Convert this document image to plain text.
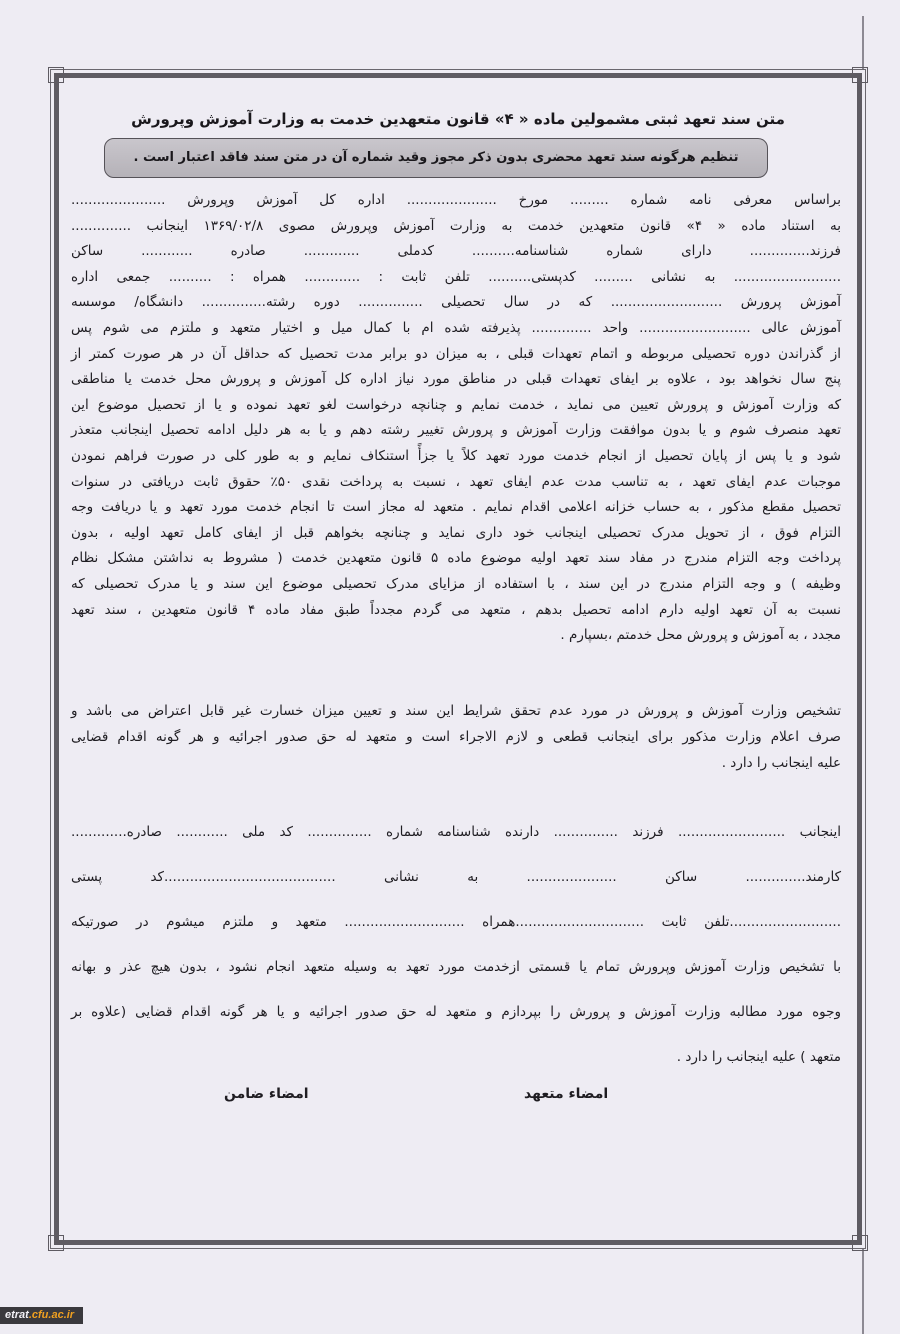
متن سند تعهد ثبتی مشمولین ماده « ۴» قانون متعهدین خدمت به وزارت آموزش وپرورش
تنظیم هرگونه سند تعهد محضری بدون ذکر مجوز وقید شماره آن در متن سند فاقد اعتبار است .

براساس معرفی نامه شماره ......... مورخ ..................... اداره کل آموزش وپرورش ......................

به استناد ماده « ۴» قانون متعهدین خدمت به وزارت آموزش وپرورش مصوی ۱۳۶۹/۰۲/۸ اینجانب ..............

فرزند.............. دارای شماره شناسنامه.......... کدملی ............. صادره ............ ساکن

......................... به نشانی ......... کدپستی.......... تلفن ثابت : ............. همراه : .......... جمعی اداره

آموزش پرورش .......................... که در سال تحصیلی ............... دوره رشته............... دانشگاه/ موسسه

آموزش عالی .......................... واحد .............. پذیرفته شده ام با کمال میل و اختیار متعهد و ملتزم می شوم پس

از گذراندن دوره تحصیلی مربوطه و اتمام تعهدات قبلی ، به میزان دو برابر مدت تحصیل که حداقل آن در هر صورت کمتر از

پنج سال نخواهد بود ، علاوه بر ایفای تعهدات قبلی در مناطق مورد نیاز اداره کل آموزش و پرورش محل خدمت یا مناطقی

که وزارت آموزش و پرورش تعیین می نماید ، خدمت نمایم و چنانچه درخواست لغو تعهد نموده و یا از تحصیل موضوع این

تعهد منصرف شوم و یا بدون موافقت وزارت آموزش و پرورش تغییر رشته دهم و یا به هر دلیل ادامه تحصیل اینجانب متعذر

شود و یا پس از پایان تحصیل از انجام خدمت مورد تعهد کلاً یا جزأً استنکاف نمایم و به طور کلی در صورت فراهم نمودن

موجبات عدم ایفای تعهد ، به تناسب مدت عدم ایفای تعهد ، نسبت به پرداخت نقدی ۵۰٪ حقوق ثابت دریافتی در سنوات

تحصیل مقطع مذکور ، به حساب خزانه اعلامی اقدام نمایم . متعهد له مجاز است تا انجام خدمت مورد تعهد و یا دریافت وجه

التزام فوق ، از تحویل مدرک تحصیلی اینجانب خود داری نماید و چنانچه بخواهم قبل از ایفای کامل تعهد اولیه ، بدون

پرداخت وجه التزام مندرج در مفاد سند تعهد اولیه موضوع ماده ۵ قانون متعهدین خدمت ( مشروط به نداشتن مشکل نظام

وظیفه ) و وجه التزام مندرج در این سند ، با استفاده از مزایای مدرک تحصیلی موضوع این سند و یا مدرک تحصیلی که

نسبت به آن تعهد اولیه دارم ادامه تحصیل بدهم ، متعهد می گردم مجدداً طبق مفاد ماده ۴ قانون متعهدین ، سند تعهد

مجدد ، به آموزش و پرورش محل خدمتم ،بسپارم .

تشخیص وزارت آموزش و پرورش در مورد عدم تحقق شرایط این سند و تعیین میزان خسارت غیر قابل اعتراض می باشد و

صرف اعلام وزارت مذکور برای اینجانب قطعی و لازم الاجراء است و متعهد له حق صدور اجرائیه و هر گونه اقدام قضایی

علیه اینجانب را دارد .

اینجانب ......................... فرزند ............... دارنده شناسنامه شماره ............... کد ملی ............ صادره.............

کارمند.............. ساکن ..................... به نشانی ........................................کد پستی

..........................تلفن ثابت ..............................همراه ............................ متعهد و ملتزم میشوم در صورتیکه

با تشخیص وزارت آموزش وپرورش تمام یا قسمتی ازخدمت مورد تعهد به وسیله متعهد انجام نشود ، بدون هیچ عذر و بهانه

وجوه مورد مطالبه وزارت آموزش و پرورش را بپردازم و متعهد له حق صدور اجرائیه و یا هر گونه اقدام قضایی (علاوه بر

متعهد ) علیه اینجانب را دارد .

امضاء متعهد
امضاء ضامن
etrat.cfu.ac.ir
